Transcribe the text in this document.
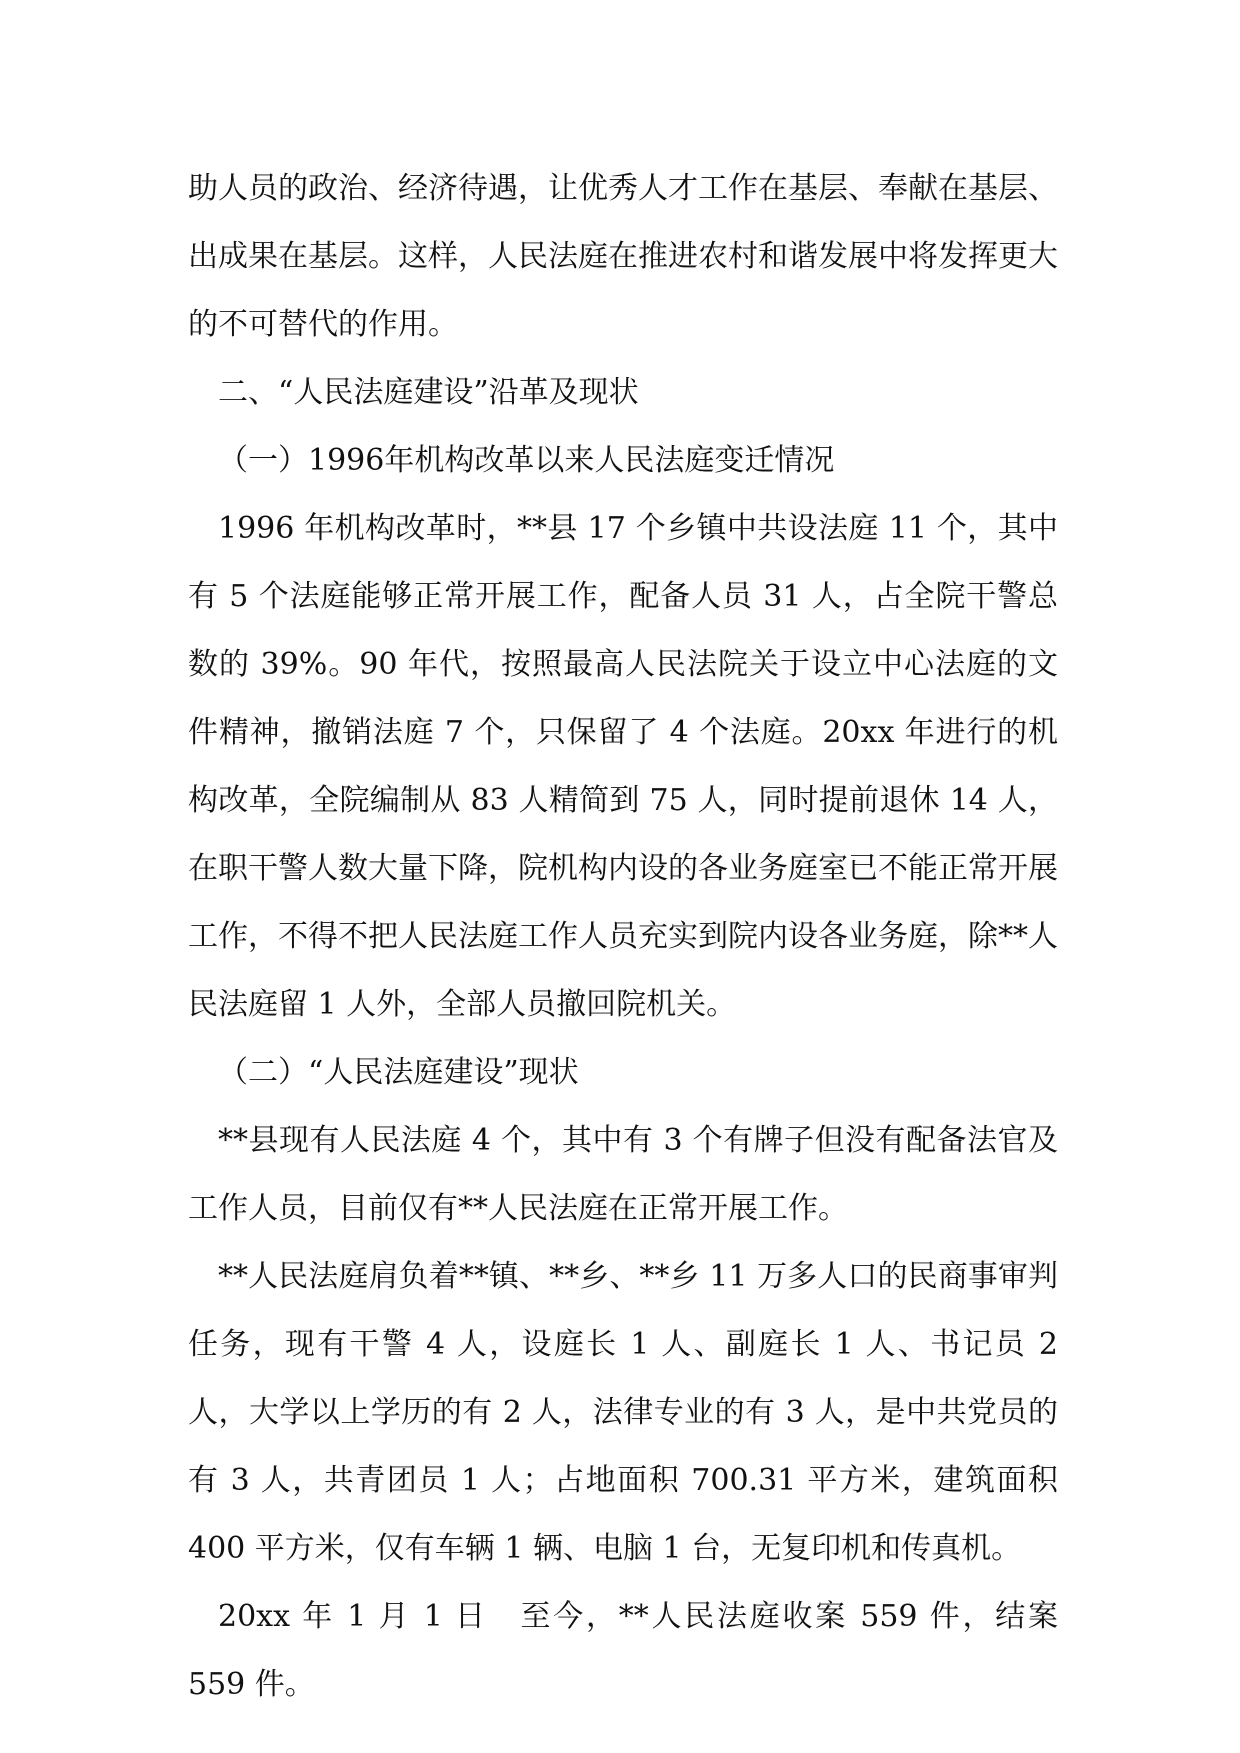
助人员的政治、经济待遇，让优秀人才工作在基层、奉献在基层、出成果在基层。这样，人民法庭在推进农村和谐发展中将发挥更大的不可替代的作用。

二、“人民法庭建设”沿革及现状

（一）1996年机构改革以来人民法庭变迁情况

1996 年机构改革时，**县 17 个乡镇中共设法庭 11 个，其中有 5 个法庭能够正常开展工作，配备人员 31 人，占全院干警总数的 39%。90 年代，按照最高人民法院关于设立中心法庭的文件精神，撤销法庭 7 个，只保留了 4 个法庭。20xx 年进行的机构改革，全院编制从 83 人精简到 75 人，同时提前退休 14 人，在职干警人数大量下降，院机构内设的各业务庭室已不能正常开展工作，不得不把人民法庭工作人员充实到院内设各业务庭，除**人民法庭留 1 人外，全部人员撤回院机关。

（二）“人民法庭建设”现状

**县现有人民法庭 4 个，其中有 3 个有牌子但没有配备法官及工作人员，目前仅有**人民法庭在正常开展工作。

**人民法庭肩负着**镇、**乡、**乡 11 万多人口的民商事审判任务，现有干警 4 人，设庭长 1 人、副庭长 1 人、书记员 2 人，大学以上学历的有 2 人，法律专业的有 3 人，是中共党员的有 3 人，共青团员 1 人；占地面积 700.31 平方米，建筑面积 400 平方米，仅有车辆 1 辆、电脑 1 台，无复印机和传真机。

20xx 年 1 月 1 日　至今，**人民法庭收案 559 件，结案 559 件。
